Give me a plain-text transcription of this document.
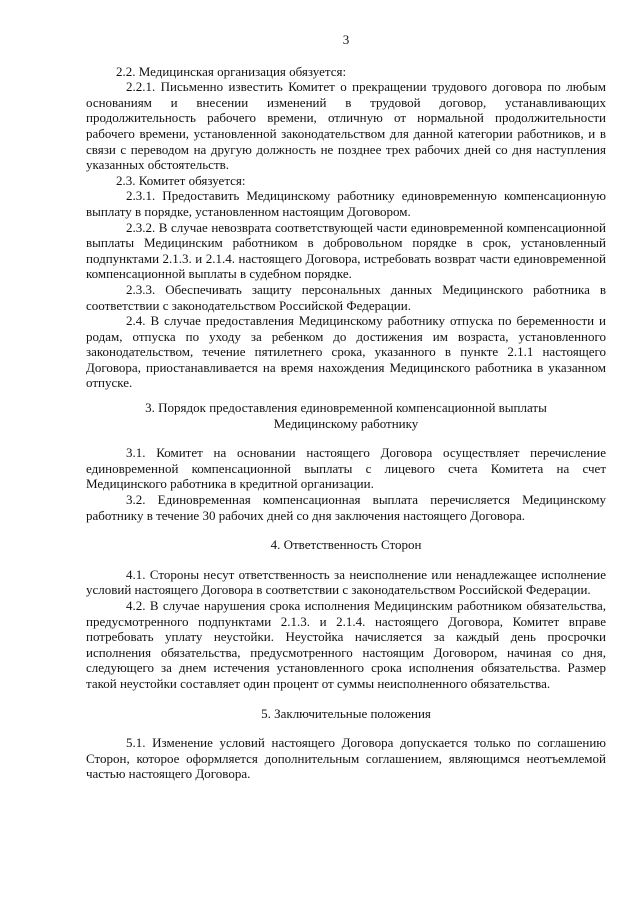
3

2.2. Медицинская организация обязуется:

2.2.1. Письменно известить Комитет о прекращении трудового договора по любым основаниям и внесении изменений в трудовой договор, устанавливающих продолжительность рабочего времени, отличную от нормальной продолжительности рабочего времени, установленной законодательством для данной категории работников, и в связи с переводом на другую должность не позднее трех рабочих дней со дня наступления указанных обстоятельств.

2.3. Комитет обязуется:

2.3.1. Предоставить Медицинскому работнику единовременную компенсационную выплату в порядке, установленном настоящим Договором.

2.3.2. В случае невозврата соответствующей части единовременной компенсационной выплаты Медицинским работником в добровольном порядке в срок, установленный подпунктами 2.1.3. и 2.1.4. настоящего Договора, истребовать возврат части единовременной компенсационной выплаты в судебном порядке.

2.3.3. Обеспечивать защиту персональных данных Медицинского работника в соответствии с законодательством Российской Федерации.

2.4. В случае предоставления Медицинскому работнику отпуска по беременности и родам, отпуска по уходу за ребенком до достижения им возраста, установленного законодательством, течение пятилетнего срока, указанного в пункте 2.1.1 настоящего Договора, приостанавливается на время нахождения Медицинского работника в указанном отпуске.

3. Порядок предоставления единовременной компенсационной выплаты

Медицинскому работнику

3.1. Комитет на основании настоящего Договора осуществляет перечисление единовременной компенсационной выплаты с лицевого счета Комитета на счет Медицинского работника в кредитной организации.

3.2. Единовременная компенсационная выплата перечисляется Медицинскому работнику в течение 30 рабочих дней со дня заключения настоящего Договора.

4. Ответственность Сторон

4.1. Стороны несут ответственность за неисполнение или ненадлежащее исполнение условий настоящего Договора в соответствии с законодательством Российской Федерации.

4.2. В случае нарушения срока исполнения Медицинским работником обязательства, предусмотренного подпунктами 2.1.3. и 2.1.4. настоящего Договора, Комитет вправе потребовать уплату неустойки. Неустойка начисляется за каждый день просрочки исполнения обязательства, предусмотренного настоящим Договором, начиная со дня, следующего за днем истечения установленного срока исполнения обязательства. Размер такой неустойки составляет один процент от суммы неисполненного обязательства.

5. Заключительные положения

5.1. Изменение условий настоящего Договора допускается только по соглашению Сторон, которое оформляется дополнительным соглашением, являющимся неотъемлемой частью настоящего Договора.
